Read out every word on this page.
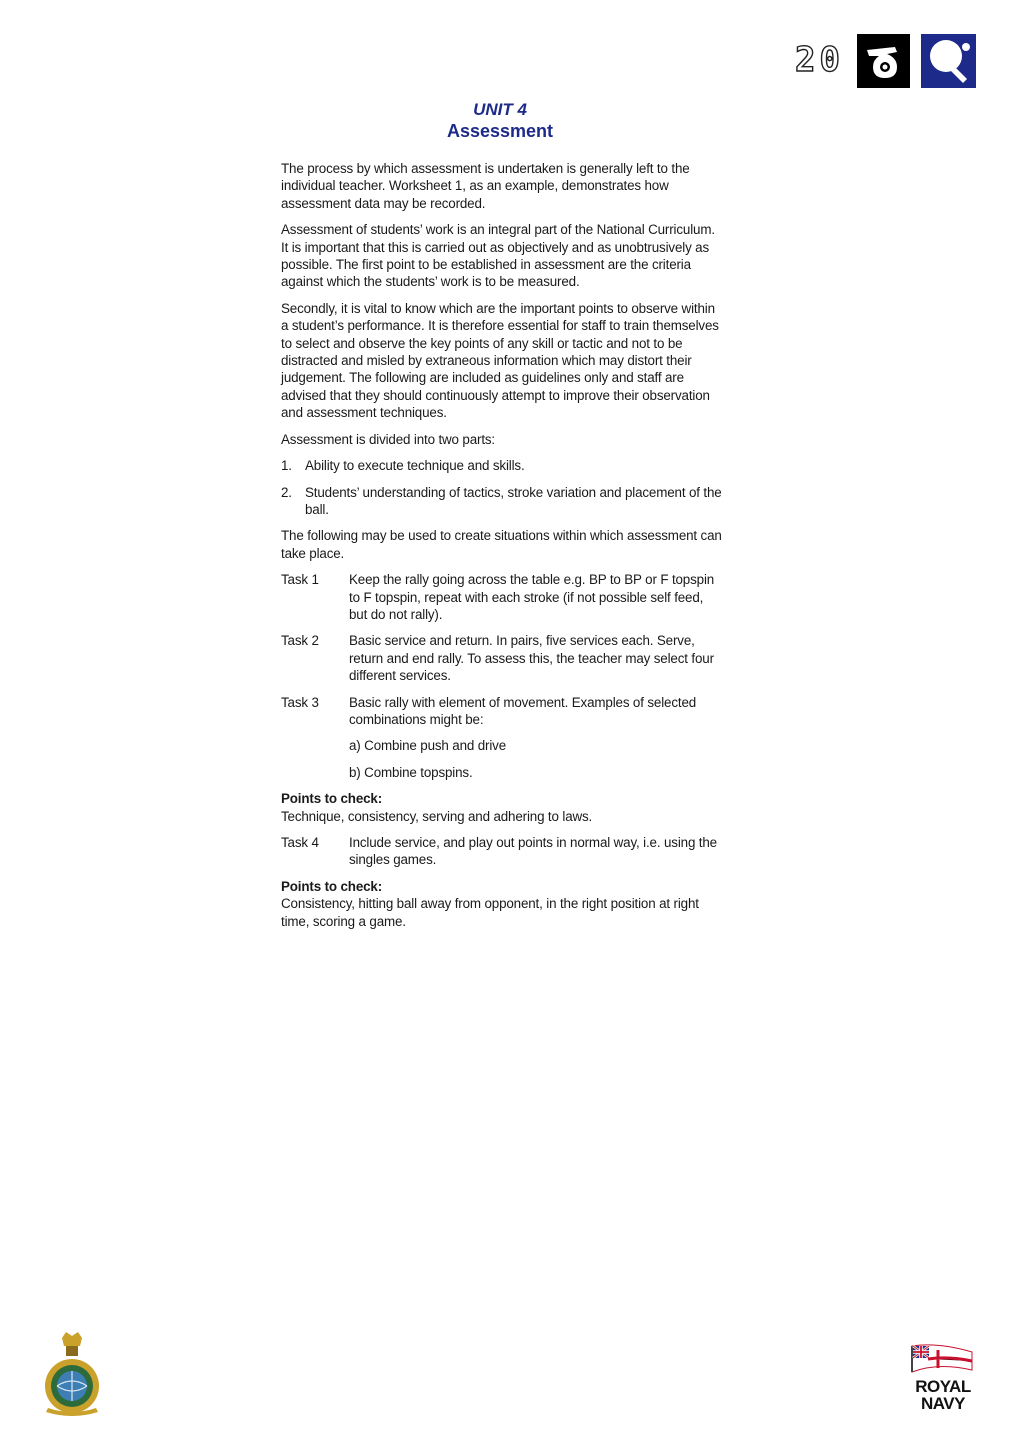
20
UNIT 4
Assessment

The process by which assessment is undertaken is generally left to the individual teacher. Worksheet 1, as an example, demonstrates how assessment data may be recorded.

Assessment of students’ work is an integral part of the National Curriculum. It is important that this is carried out as objectively and as unobtrusively as possible. The first point to be established in assessment are the criteria against which the students’ work is to be measured.

Secondly, it is vital to know which are the important points to observe within a student’s performance. It is therefore essential for staff to train themselves to select and observe the key points of any skill or tactic and not to be distracted and misled by extraneous information which may distort their judgement. The following are included as guidelines only and staff are advised that they should continuously attempt to improve their observation and assessment techniques.

Assessment is divided into two parts:

1. Ability to execute technique and skills.
2. Students’ understanding of tactics, stroke variation and placement of the ball.

The following may be used to create situations within which assessment can take place.

Task 1	Keep the rally going across the table e.g. BP to BP or F topspin to F topspin, repeat with each stroke (if not possible self feed, but do not rally).
Task 2	Basic service and return. In pairs, five services each. Serve, return and end rally. To assess this, the teacher may select four different services.
Task 3	Basic rally with element of movement. Examples of selected combinations might be:
a) Combine push and drive
b) Combine topspins.
Points to check:
Technique, consistency, serving and adhering to laws.
Task 4	Include service, and play out points in normal way, i.e. using the singles games.
Points to check:
Consistency, hitting ball away from opponent, in the right position at right time, scoring a game.
ROYAL
NAVY
